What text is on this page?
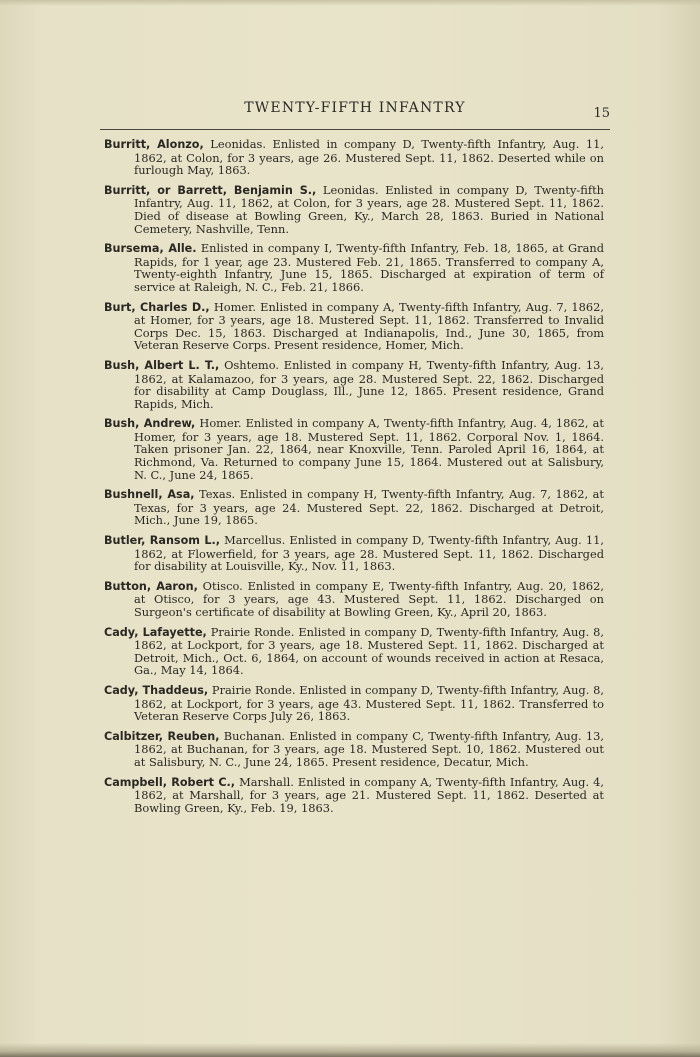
TWENTY-FIFTH INFANTRY	15

Burritt, Alonzo, Leonidas. Enlisted in company D, Twenty-fifth Infantry, Aug. 11, 1862, at Colon, for 3 years, age 26. Mustered Sept. 11, 1862. Deserted while on furlough May, 1863.

Burritt, or Barrett, Benjamin S., Leonidas. Enlisted in company D, Twenty-fifth Infantry, Aug. 11, 1862, at Colon, for 3 years, age 28. Mustered Sept. 11, 1862. Died of disease at Bowling Green, Ky., March 28, 1863. Buried in National Cemetery, Nashville, Tenn.

Bursema, Alle. Enlisted in company I, Twenty-fifth Infantry, Feb. 18, 1865, at Grand Rapids, for 1 year, age 23. Mustered Feb. 21, 1865. Transferred to company A, Twenty-eighth Infantry, June 15, 1865. Discharged at expiration of term of service at Raleigh, N. C., Feb. 21, 1866.

Burt, Charles D., Homer. Enlisted in company A, Twenty-fifth Infantry, Aug. 7, 1862, at Homer, for 3 years, age 18. Mustered Sept. 11, 1862. Transferred to Invalid Corps Dec. 15, 1863. Discharged at Indianapolis, Ind., June 30, 1865, from Veteran Reserve Corps. Present residence, Homer, Mich.

Bush, Albert L. T., Oshtemo. Enlisted in company H, Twenty-fifth Infantry, Aug. 13, 1862, at Kalamazoo, for 3 years, age 28. Mustered Sept. 22, 1862. Discharged for disability at Camp Douglass, Ill., June 12, 1865. Present residence, Grand Rapids, Mich.

Bush, Andrew, Homer. Enlisted in company A, Twenty-fifth Infantry, Aug. 4, 1862, at Homer, for 3 years, age 18. Mustered Sept. 11, 1862. Corporal Nov. 1, 1864. Taken prisoner Jan. 22, 1864, near Knoxville, Tenn. Paroled April 16, 1864, at Richmond, Va. Returned to company June 15, 1864. Mustered out at Salisbury, N. C., June 24, 1865.

Bushnell, Asa, Texas. Enlisted in company H, Twenty-fifth Infantry, Aug. 7, 1862, at Texas, for 3 years, age 24. Mustered Sept. 22, 1862. Discharged at Detroit, Mich., June 19, 1865.

Butler, Ransom L., Marcellus. Enlisted in company D, Twenty-fifth Infantry, Aug. 11, 1862, at Flowerfield, for 3 years, age 28. Mustered Sept. 11, 1862. Discharged for disability at Louisville, Ky., Nov. 11, 1863.

Button, Aaron, Otisco. Enlisted in company E, Twenty-fifth Infantry, Aug. 20, 1862, at Otisco, for 3 years, age 43. Mustered Sept. 11, 1862. Discharged on Surgeon's certificate of disability at Bowling Green, Ky., April 20, 1863.

Cady, Lafayette, Prairie Ronde. Enlisted in company D, Twenty-fifth Infantry, Aug. 8, 1862, at Lockport, for 3 years, age 18. Mustered Sept. 11, 1862. Discharged at Detroit, Mich., Oct. 6, 1864, on account of wounds received in action at Resaca, Ga., May 14, 1864.

Cady, Thaddeus, Prairie Ronde. Enlisted in company D, Twenty-fifth Infantry, Aug. 8, 1862, at Lockport, for 3 years, age 43. Mustered Sept. 11, 1862. Transferred to Veteran Reserve Corps July 26, 1863.

Calbitzer, Reuben, Buchanan. Enlisted in company C, Twenty-fifth Infantry, Aug. 13, 1862, at Buchanan, for 3 years, age 18. Mustered Sept. 10, 1862. Mustered out at Salisbury, N. C., June 24, 1865. Present residence, Decatur, Mich.

Campbell, Robert C., Marshall. Enlisted in company A, Twenty-fifth Infantry, Aug. 4, 1862, at Marshall, for 3 years, age 21. Mustered Sept. 11, 1862. Deserted at Bowling Green, Ky., Feb. 19, 1863.
